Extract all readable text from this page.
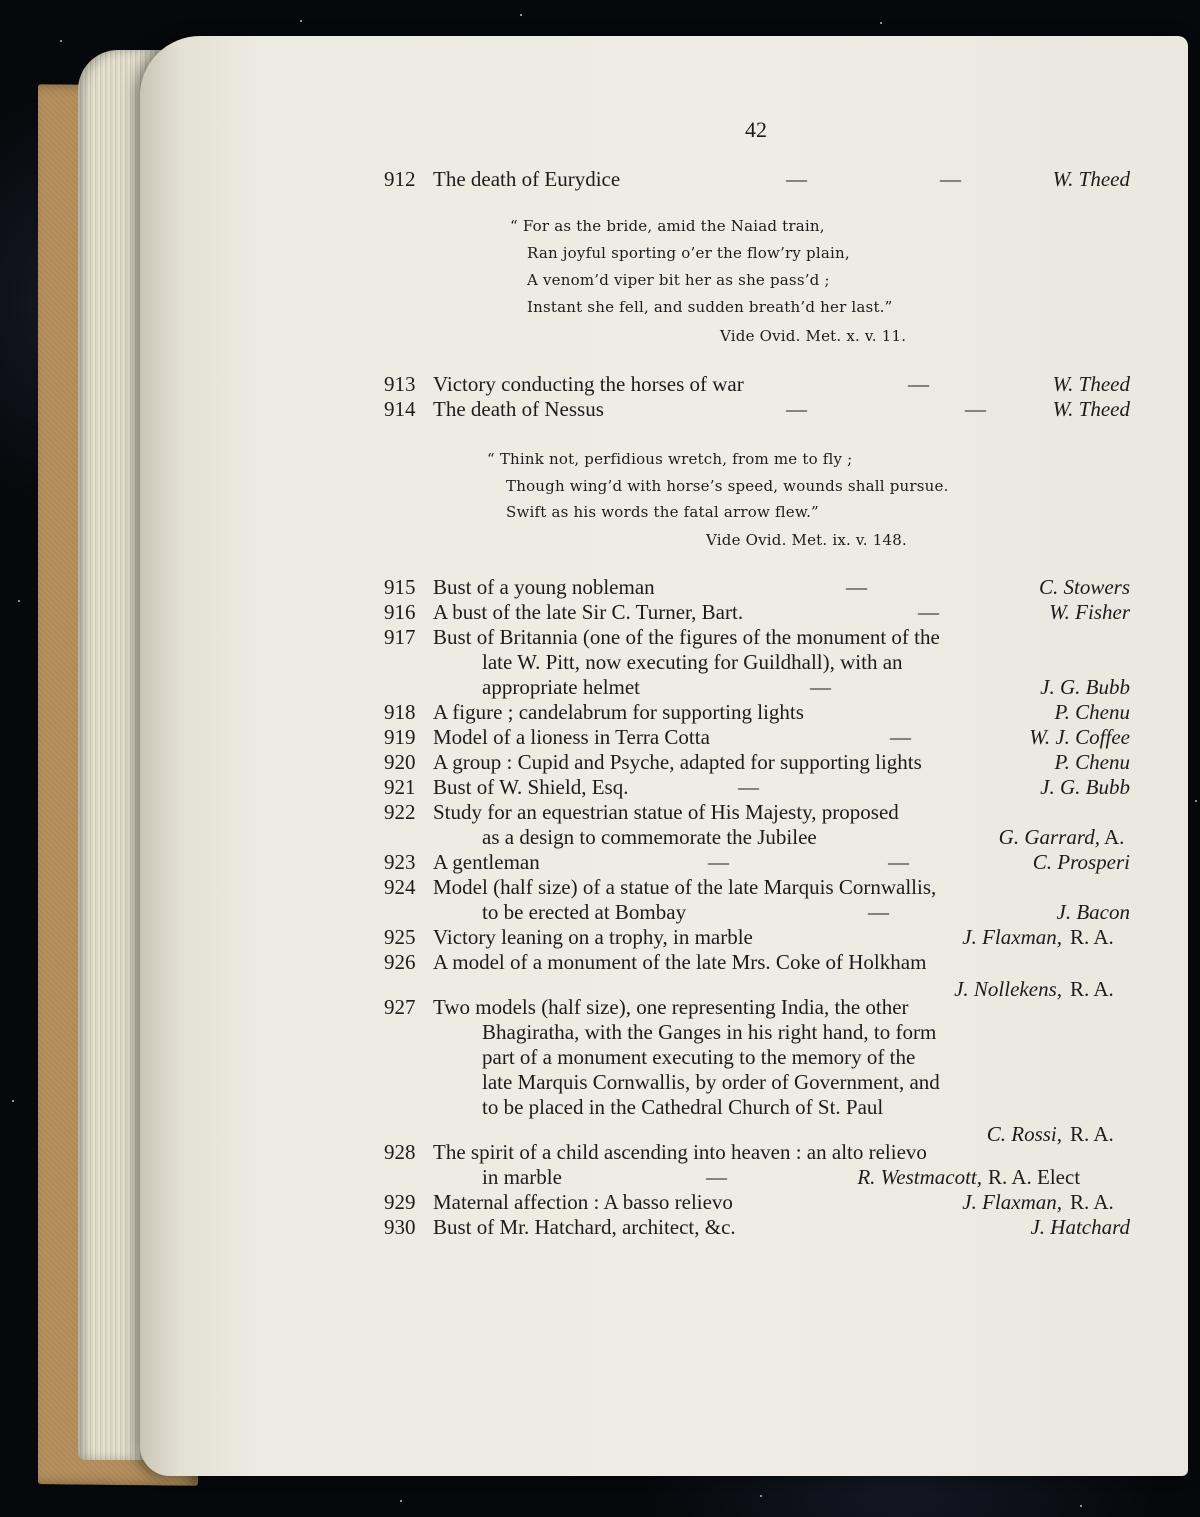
42
912 The death of Eurydice	—	—	W. Theed
“ For as the bride, amid the Naiad train,
Ran joyful sporting o’er the flow’ry plain,
A venom’d viper bit her as she pass’d ;
Instant she fell, and sudden breath’d her last.”
Vide Ovid. Met. x. v. 11.
913 Victory conducting the horses of war	—	W. Theed
914 The death of Nessus	—	—	W. Theed
“ Think not, perfidious wretch, from me to fly ;
Though wing’d with horse’s speed, wounds shall pursue.
Swift as his words the fatal arrow flew.”
Vide Ovid. Met. ix. v. 148.
915 Bust of a young nobleman	—	C. Stowers
916 A bust of the late Sir C. Turner, Bart.	—	W. Fisher
917 Bust of Britannia (one of the figures of the monument of the
late W. Pitt, now executing for Guildhall), with an
appropriate helmet	—	J. G. Bubb
918 A figure ; candelabrum for supporting lights	P. Chenu
919 Model of a lioness in Terra Cotta	—	W. J. Coffee
920 A group : Cupid and Psyche, adapted for supporting lights	P. Chenu
921 Bust of W. Shield, Esq.	—	J. G. Bubb
922 Study for an equestrian statue of His Majesty, proposed
as a design to commemorate the Jubilee	G. Garrard, A.
923 A gentleman	—	—	C. Prosperi
924 Model (half size) of a statue of the late Marquis Cornwallis,
to be erected at Bombay	—	J. Bacon
925 Victory leaning on a trophy, in marble	J. Flaxman, R. A.
926 A model of a monument of the late Mrs. Coke of Holkham
J. Nollekens, R. A.
927 Two models (half size), one representing India, the other
Bhagiratha, with the Ganges in his right hand, to form
part of a monument executing to the memory of the
late Marquis Cornwallis, by order of Government, and
to be placed in the Cathedral Church of St. Paul
C. Rossi, R. A.
928 The spirit of a child ascending into heaven : an alto relievo
in marble	—	R. Westmacott, R. A. Elect
929 Maternal affection : A basso relievo	J. Flaxman, R. A.
930 Bust of Mr. Hatchard, architect, &c.	J. Hatchard
